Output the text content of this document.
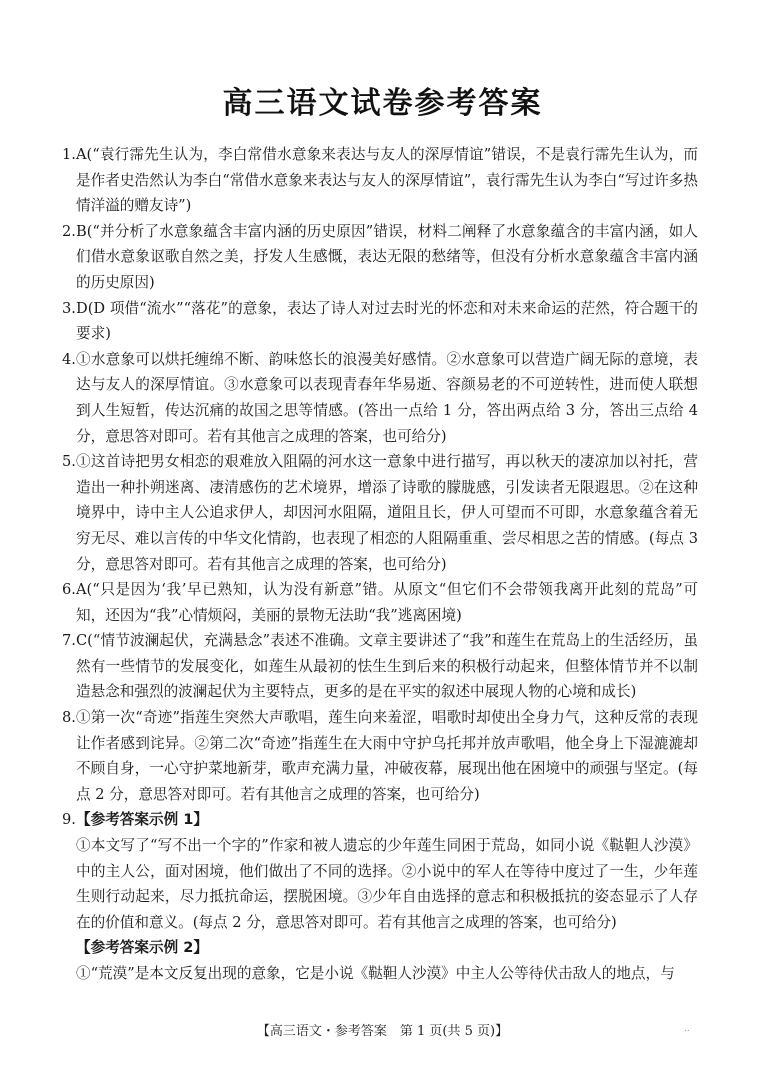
高三语文试卷参考答案
1. A(“袁行霈先生认为，李白常借水意象来表达与友人的深厚情谊”错误，不是袁行霈先生认为，而是作者史浩然认为李白“常借水意象来表达与友人的深厚情谊”，袁行霈先生认为李白“写过许多热情洋溢的赠友诗”)
2. B(“并分析了水意象蕴含丰富内涵的历史原因”错误，材料二阐释了水意象蕴含的丰富内涵，如人们借水意象讴歌自然之美，抒发人生感慨，表达无限的愁绪等，但没有分析水意象蕴含丰富内涵的历史原因)
3. D(D 项借“流水”“落花”的意象，表达了诗人对过去时光的怀恋和对未来命运的茫然，符合题干的要求)
4. ①水意象可以烘托缠绵不断、韵味悠长的浪漫美好感情。②水意象可以营造广阔无际的意境，表达与友人的深厚情谊。③水意象可以表现青春年华易逝、容颜易老的不可逆转性，进而使人联想到人生短暂，传达沉痛的故国之思等情感。(答出一点给 1 分，答出两点给 3 分，答出三点给 4 分，意思答对即可。若有其他言之成理的答案，也可给分)
5. ①这首诗把男女相恋的艰难放入阻隔的河水这一意象中进行描写，再以秋天的凄凉加以衬托，营造出一种扑朔迷离、凄清感伤的艺术境界，增添了诗歌的朦胧感，引发读者无限遐思。②在这种境界中，诗中主人公追求伊人，却因河水阻隔，道阻且长，伊人可望而不可即，水意象蕴含着无穷无尽、难以言传的中华文化情韵，也表现了相恋的人阻隔重重、尝尽相思之苦的情感。(每点 3 分，意思答对即可。若有其他言之成理的答案，也可给分)
6. A(“只是因为‘我’早已熟知，认为没有新意”错。从原文“但它们不会带领我离开此刻的荒岛”可知，还因为“我”心情烦闷，美丽的景物无法助“我”逃离困境)
7. C(“情节波澜起伏，充满悬念”表述不准确。文章主要讲述了“我”和莲生在荒岛上的生活经历，虽然有一些情节的发展变化，如莲生从最初的怯生生到后来的积极行动起来，但整体情节并不以制造悬念和强烈的波澜起伏为主要特点，更多的是在平实的叙述中展现人物的心境和成长)
8. ①第一次“奇迹”指莲生突然大声歌唱，莲生向来羞涩，唱歌时却使出全身力气，这种反常的表现让作者感到诧异。②第二次“奇迹”指莲生在大雨中守护乌托邦并放声歌唱，他全身上下湿漉漉却不顾自身，一心守护菜地新芽，歌声充满力量，冲破夜幕，展现出他在困境中的顽强与坚定。(每点 2 分，意思答对即可。若有其他言之成理的答案，也可给分)
9. 【参考答案示例 1】

①本文写了“写不出一个字的”作家和被人遗忘的少年莲生同困于荒岛，如同小说《鞑靼人沙漠》中的主人公，面对困境，他们做出了不同的选择。②小说中的军人在等待中度过了一生，少年莲生则行动起来，尽力抵抗命运，摆脱困境。③少年自由选择的意志和积极抵抗的姿态显示了人存在的价值和意义。(每点 2 分，意思答对即可。若有其他言之成理的答案，也可给分)

【参考答案示例 2】

①“荒漠”是本文反复出现的意象，它是小说《鞑靼人沙漠》中主人公等待伏击敌人的地点，与

【高三语文・参考答案　第 1 页(共 5 页)】	..
